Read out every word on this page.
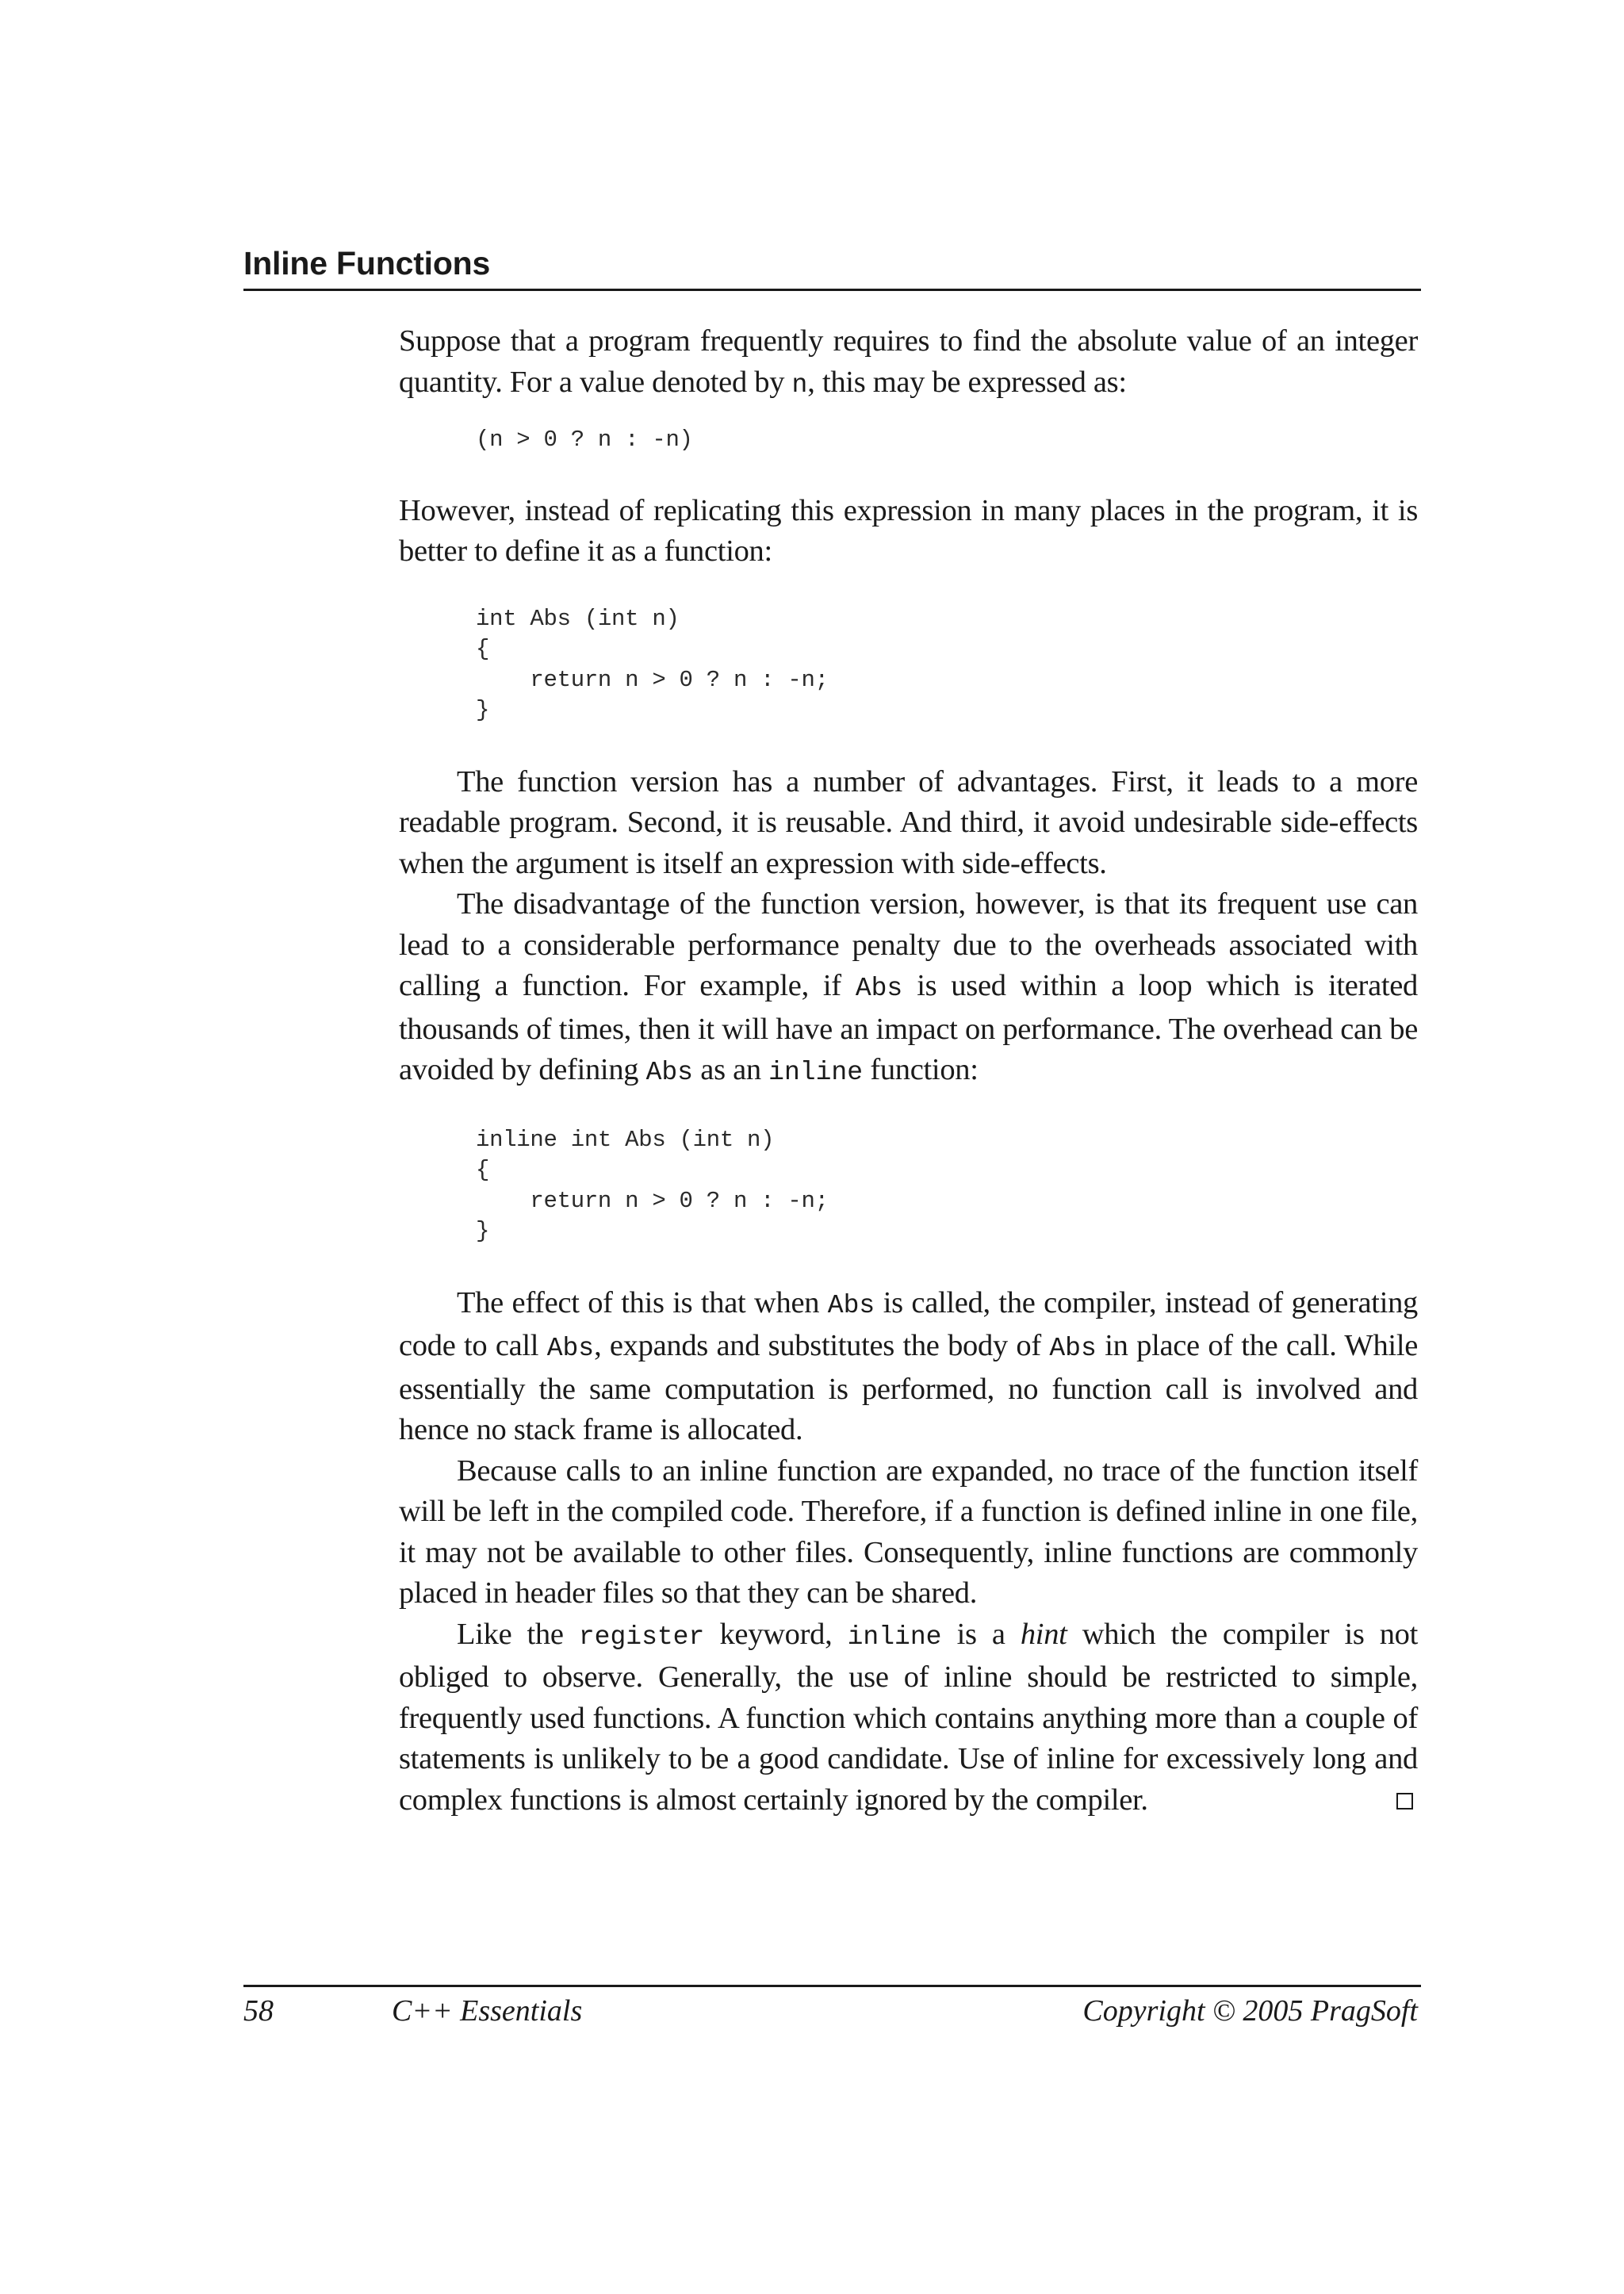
Inline Functions

Suppose that a program frequently requires to find the absolute value of an integer quantity. For a value denoted by n, this may be expressed as:

(n > 0 ? n : -n)

However, instead of replicating this expression in many places in the program, it is better to define it as a function:

int Abs (int n)
{
return n > 0 ? n : -n;
}

The function version has a number of advantages. First, it leads to a more readable program. Second, it is reusable. And third, it avoid undesirable side-effects when the argument is itself an expression with side-effects.

The disadvantage of the function version, however, is that its frequent use can lead to a considerable performance penalty due to the overheads associated with calling a function. For example, if Abs is used within a loop which is iterated thousands of times, then it will have an impact on performance. The overhead can be avoided by defining Abs as an inline function:

inline int Abs (int n)
{
return n > 0 ? n : -n;
}

The effect of this is that when Abs is called, the compiler, instead of generating code to call Abs, expands and substitutes the body of Abs in place of the call. While essentially the same computation is performed, no function call is involved and hence no stack frame is allocated.

Because calls to an inline function are expanded, no trace of the function itself will be left in the compiled code. Therefore, if a function is defined inline in one file, it may not be available to other files. Consequently, inline functions are commonly placed in header files so that they can be shared.

Like the register keyword, inline is a hint which the compiler is not obliged to observe. Generally, the use of inline should be restricted to simple, frequently used functions. A function which contains anything more than a couple of statements is unlikely to be a good candidate. Use of inline for excessively long and complex functions is almost certainly ignored by the compiler.

58	C++ Essentials	Copyright © 2005 PragSoft
